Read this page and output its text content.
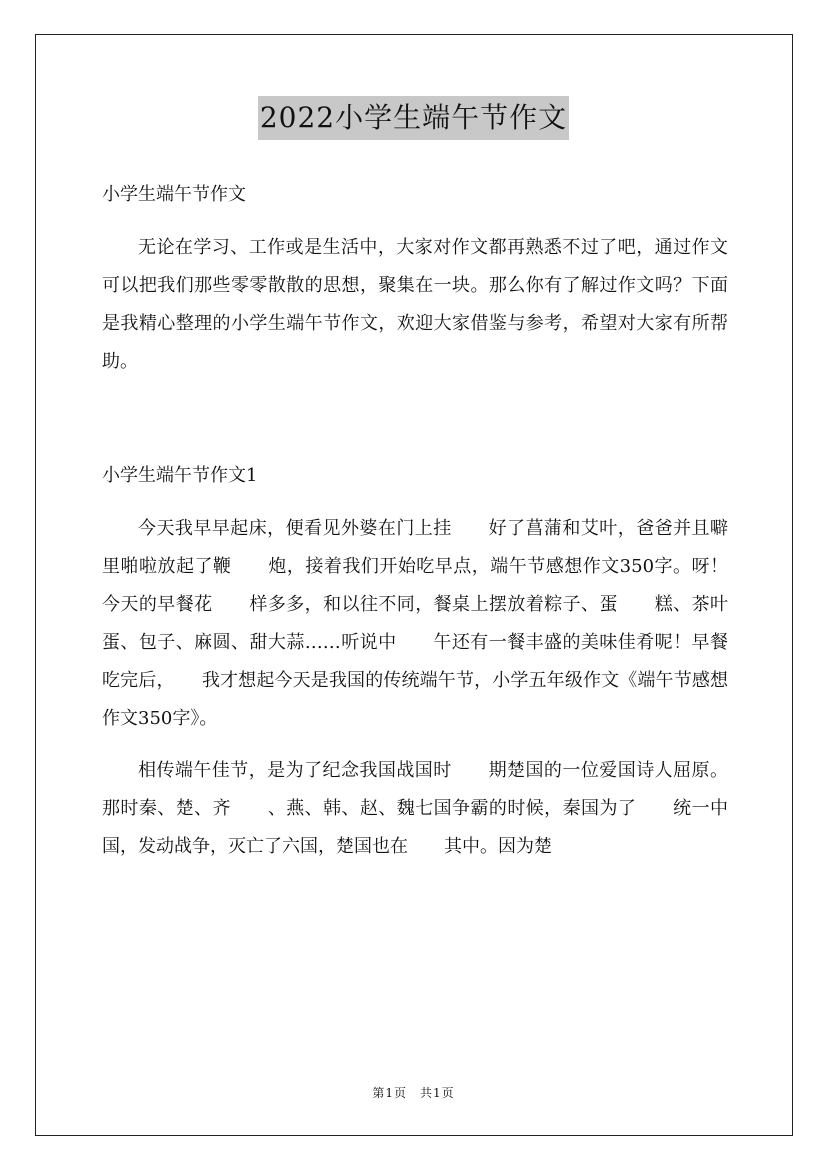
2022小学生端午节作文

小学生端午节作文

无论在学习、工作或是生活中，大家对作文都再熟悉不过了吧，通过作文可以把我们那些零零散散的思想，聚集在一块。那么你有了解过作文吗？下面是我精心整理的小学生端午节作文，欢迎大家借鉴与参考，希望对大家有所帮助。

小学生端午节作文1

今天我早早起床，便看见外婆在门上挂　　好了菖蒲和艾叶，爸爸并且噼里啪啦放起了鞭　　炮，接着我们开始吃早点，端午节感想作文350字。呀！今天的早餐花　　样多多，和以往不同，餐桌上摆放着粽子、蛋　　糕、茶叶蛋、包子、麻圆、甜大蒜……听说中　　午还有一餐丰盛的美味佳肴呢！早餐吃完后，　　我才想起今天是我国的传统端午节，小学五年级作文《端午节感想作文350字》。

相传端午佳节，是为了纪念我国战国时　　期楚国的一位爱国诗人屈原。那时秦、楚、齐　　、燕、韩、赵、魏七国争霸的时候，秦国为了　　统一中国，发动战争，灭亡了六国，楚国也在　　其中。因为楚

第1页　共1页
